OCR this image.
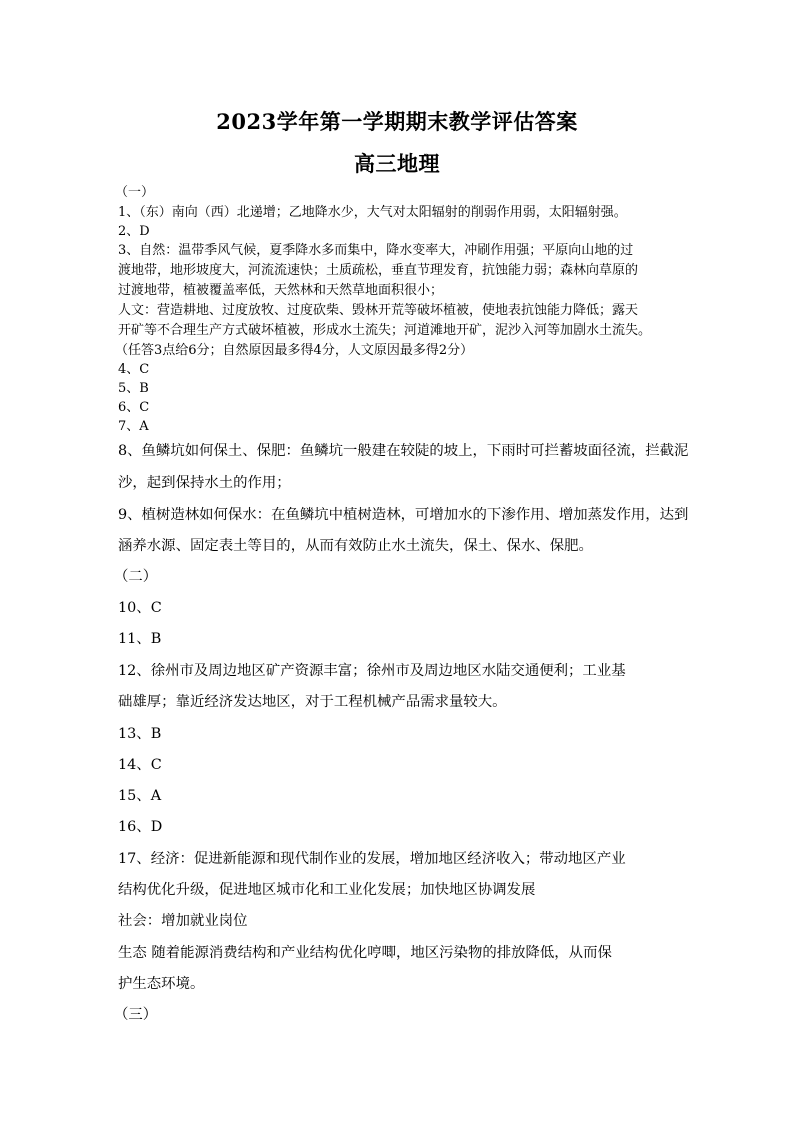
2023学年第一学期期末教学评估答案
高三地理
（一）
1、（东）南向（西）北递增；乙地降水少，大气对太阳辐射的削弱作用弱，太阳辐射强。
2、D
3、自然：温带季风气候，夏季降水多而集中，降水变率大，冲刷作用强；平原向山地的过
渡地带，地形坡度大，河流流速快；土质疏松，垂直节理发育，抗蚀能力弱；森林向草原的
过渡地带，植被覆盖率低，天然林和天然草地面积很小；
人文：营造耕地、过度放牧、过度砍柴、毁林开荒等破坏植被，使地表抗蚀能力降低；露天
开矿等不合理生产方式破坏植被，形成水土流失；河道滩地开矿，泥沙入河等加剧水土流失。
（任答3点给6分；自然原因最多得4分，人文原因最多得2分）
4、C
5、B
6、C
7、A
8、鱼鳞坑如何保土、保肥：鱼鳞坑一般建在较陡的坡上，下雨时可拦蓄坡面径流，拦截泥
沙，起到保持水土的作用；
9、植树造林如何保水：在鱼鳞坑中植树造林，可增加水的下渗作用、增加蒸发作用，达到
涵养水源、固定表土等目的，从而有效防止水土流失，保土、保水、保肥。
（二）
10、C
11、B
12、徐州市及周边地区矿产资源丰富；徐州市及周边地区水陆交通便利；工业基
础雄厚；靠近经济发达地区，对于工程机械产品需求量较大。
13、B
14、C
15、A
16、D
17、经济：促进新能源和现代制作业的发展，增加地区经济收入；带动地区产业
结构优化升级，促进地区城市化和工业化发展；加快地区协调发展
社会：增加就业岗位
生态 随着能源消费结构和产业结构优化哼唧，地区污染物的排放降低，从而保
护生态环境。
（三）
